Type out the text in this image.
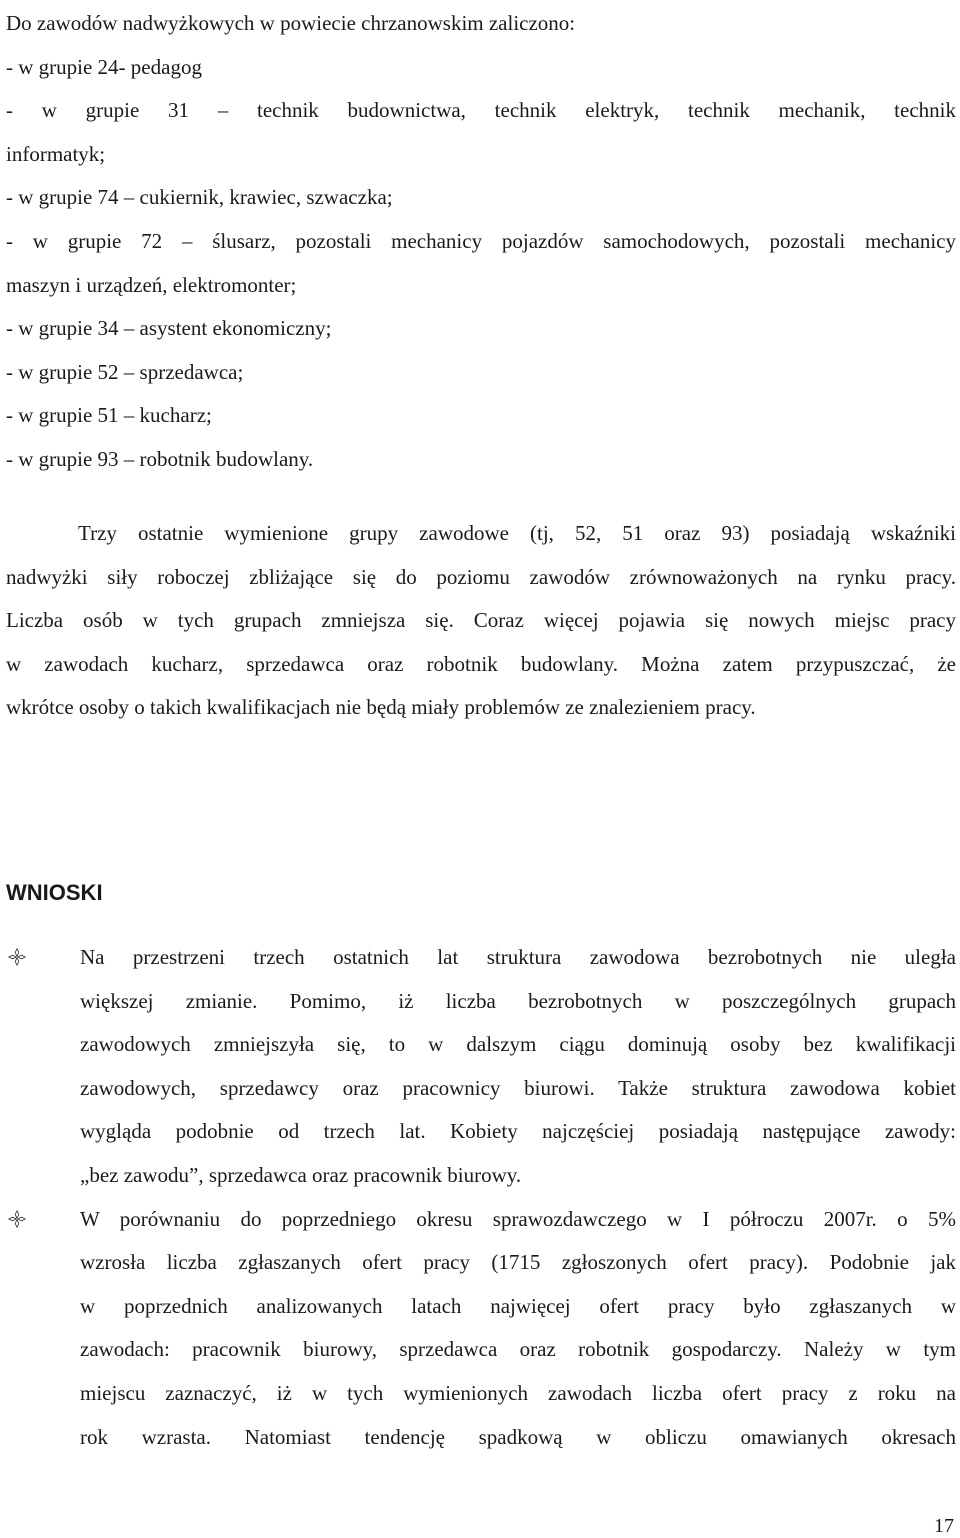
Do zawodów nadwyżkowych w powiecie chrzanowskim zaliczono:
- w grupie 24- pedagog
- w grupie 31 – technik budownictwa, technik elektryk, technik mechanik, technik
informatyk;
- w grupie 74 – cukiernik, krawiec, szwaczka;
- w grupie 72 – ślusarz, pozostali mechanicy pojazdów samochodowych, pozostali mechanicy
maszyn i urządzeń, elektromonter;
- w grupie 34 – asystent ekonomiczny;
- w grupie 52 – sprzedawca;
- w grupie 51 – kucharz;
- w grupie 93 – robotnik budowlany.
Trzy ostatnie wymienione grupy zawodowe (tj, 52, 51 oraz 93) posiadają wskaźniki
nadwyżki siły roboczej zbliżające się do poziomu zawodów zrównoważonych na rynku pracy.
Liczba osób w tych grupach zmniejsza się. Coraz więcej pojawia się nowych miejsc pracy
w zawodach kucharz, sprzedawca oraz robotnik budowlany. Można zatem przypuszczać, że
wkrótce osoby o takich kwalifikacjach nie będą miały problemów ze znalezieniem pracy.
WNIOSKI
Na przestrzeni trzech ostatnich lat struktura zawodowa bezrobotnych nie uległa
większej zmianie. Pomimo, iż liczba bezrobotnych w poszczególnych grupach
zawodowych zmniejszyła się, to w dalszym ciągu dominują osoby bez kwalifikacji
zawodowych, sprzedawcy oraz pracownicy biurowi. Także struktura zawodowa kobiet
wygląda podobnie od trzech lat. Kobiety najczęściej posiadają następujące zawody:
„bez zawodu”, sprzedawca oraz pracownik biurowy.
W porównaniu do poprzedniego okresu sprawozdawczego w I półroczu 2007r. o 5%
wzrosła liczba zgłaszanych ofert pracy (1715 zgłoszonych ofert pracy). Podobnie jak
w poprzednich analizowanych latach najwięcej ofert pracy było zgłaszanych w
zawodach: pracownik biurowy, sprzedawca oraz robotnik gospodarczy. Należy w tym
miejscu zaznaczyć, iż w tych wymienionych zawodach liczba ofert pracy z roku na
rok wzrasta. Natomiast tendencję spadkową w obliczu omawianych okresach
17
